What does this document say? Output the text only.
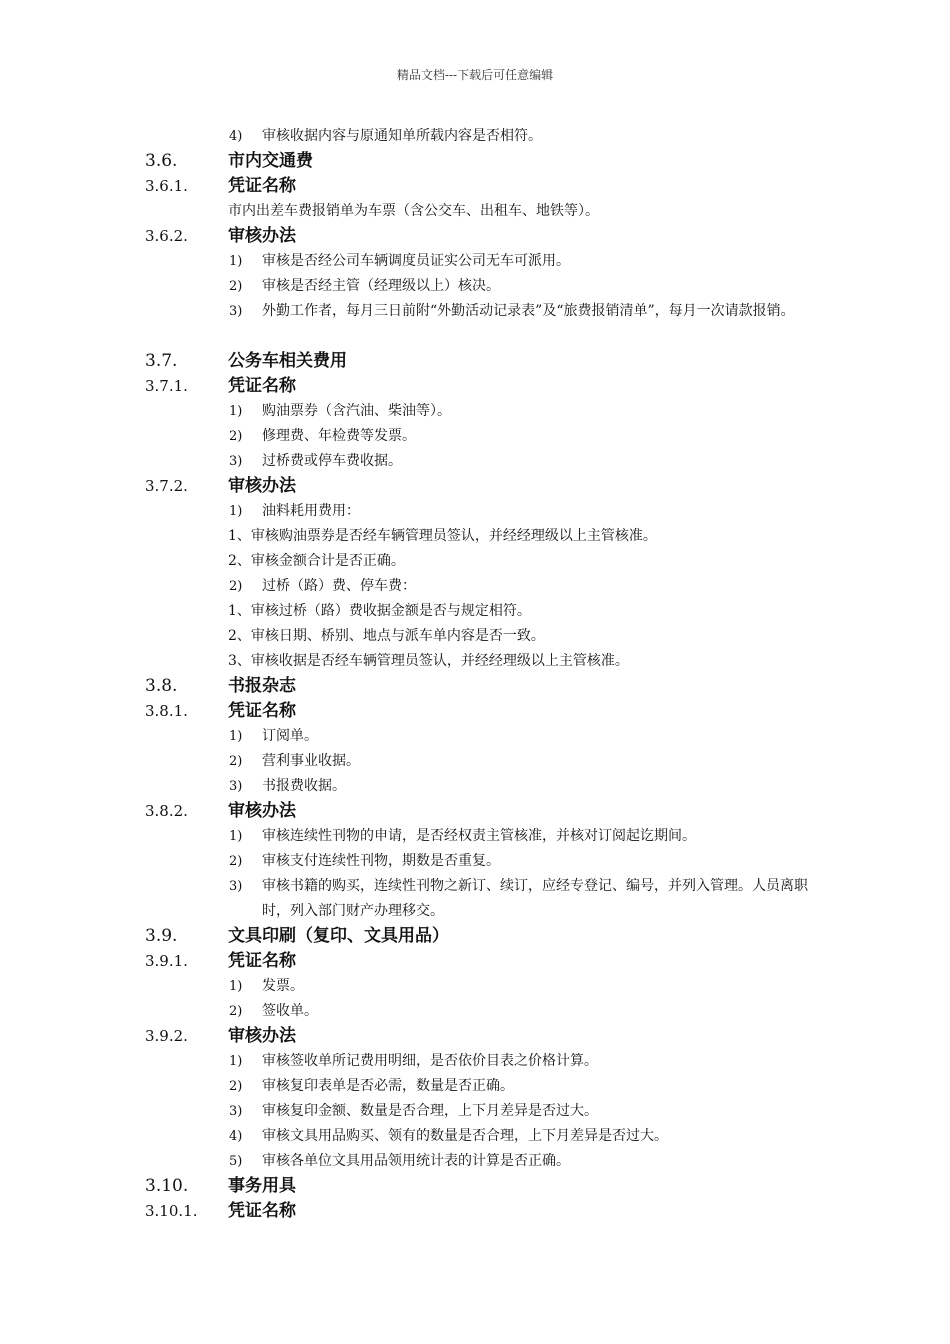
精品文档---下载后可任意编辑
4) 审核收据内容与原通知单所载内容是否相符。
3.6.	市内交通费
3.6.1. 凭证名称
市内出差车费报销单为车票（含公交车、出租车、地铁等）。
3.6.2. 审核办法
1) 审核是否经公司车辆调度员证实公司无车可派用。
2) 审核是否经主管（经理级以上）核决。
3) 外勤工作者，每月三日前附“外勤活动记录表”及“旅费报销清单”，每月一次请款报销。
3.7.	公务车相关费用
3.7.1. 凭证名称
1) 购油票券（含汽油、柴油等）。
2) 修理费、年检费等发票。
3) 过桥费或停车费收据。
3.7.2. 审核办法
1) 油料耗用费用：
1、审核购油票券是否经车辆管理员签认，并经经理级以上主管核准。
2、审核金额合计是否正确。
2) 过桥（路）费、停车费：
1、审核过桥（路）费收据金额是否与规定相符。
2、审核日期、桥别、地点与派车单内容是否一致。
3、审核收据是否经车辆管理员签认，并经经理级以上主管核准。
3.8.	书报杂志
3.8.1. 凭证名称
1) 订阅单。
2) 营利事业收据。
3) 书报费收据。
3.8.2. 审核办法
1) 审核连续性刊物的申请，是否经权责主管核准，并核对订阅起讫期间。
2) 审核支付连续性刊物，期数是否重复。
3) 审核书籍的购买，连续性刊物之新订、续订，应经专登记、编号，并列入管理。人员离职时，列入部门财产办理移交。
3.9.	文具印刷（复印、文具用品）
3.9.1. 凭证名称
1) 发票。
2) 签收单。
3.9.2. 审核办法
1) 审核签收单所记费用明细，是否依价目表之价格计算。
2) 审核复印表单是否必需，数量是否正确。
3) 审核复印金额、数量是否合理，上下月差异是否过大。
4) 审核文具用品购买、领有的数量是否合理，上下月差异是否过大。
5) 审核各单位文具用品领用统计表的计算是否正确。
3.10. 事务用具
3.10.1. 凭证名称
